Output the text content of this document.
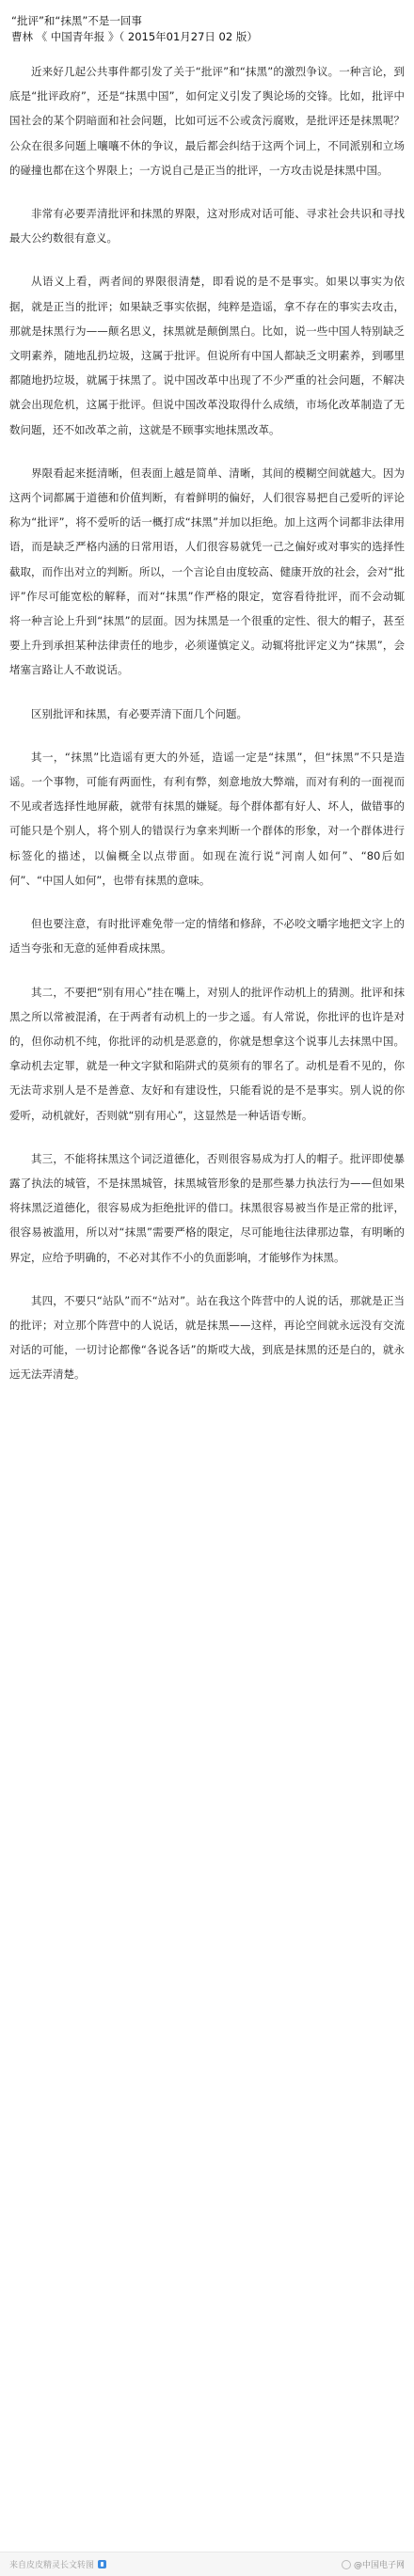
“批评”和“抹黑”不是一回事
曹林 《 中国青年报 》（ 2015年01月27日 02 版）

近来好几起公共事件都引发了关于“批评”和“抹黑”的激烈争议。一种言论，到底是“批评政府”，还是“抹黑中国”，如何定义引发了舆论场的交锋。比如，批评中国社会的某个阴暗面和社会问题，比如可远不公或贪污腐败，是批评还是抹黑呢？公众在很多问题上嚷嚷不休的争议，最后都会纠结于这两个词上，不同派别和立场的碰撞也都在这个界限上；一方说自己是正当的批评，一方攻击说是抹黑中国。

非常有必要弄清批评和抹黑的界限，这对形成对话可能、寻求社会共识和寻找最大公约数很有意义。

从语义上看，两者间的界限很清楚，即看说的是不是事实。如果以事实为依据，就是正当的批评；如果缺乏事实依据，纯粹是造谣，拿不存在的事实去攻击，那就是抹黑行为——颠名思义，抹黑就是颠倒黑白。比如，说一些中国人特别缺乏文明素养，随地乱扔垃圾，这属于批评。但说所有中国人都缺乏文明素养，到哪里都随地扔垃圾，就属于抹黑了。说中国改革中出现了不少严重的社会问题，不解决就会出现危机，这属于批评。但说中国改革没取得什么成绩，市场化改革制造了无数问题，还不如改革之前，这就是不顾事实地抹黑改革。

界限看起来挺清晰，但表面上越是简单、清晰，其间的模糊空间就越大。因为这两个词都属于道德和价值判断，有着鲜明的偏好，人们很容易把自己爱听的评论称为“批评”，将不爱听的话一概打成“抹黑”并加以拒绝。加上这两个词都非法律用语，而是缺乏严格内涵的日常用语，人们很容易就凭一己之偏好或对事实的选择性截取，而作出对立的判断。所以，一个言论自由度较高、健康开放的社会，会对“批评”作尽可能宽松的解释，而对“抹黑”作严格的限定，宽容看待批评，而不会动辄将一种言论上升到“抹黑”的层面。因为抹黑是一个很重的定性、很大的帽子，甚至要上升到承担某种法律责任的地步，必须谨慎定义。动辄将批评定义为“抹黑”，会堵塞言路让人不敢说话。

区别批评和抹黑，有必要弄清下面几个问题。

其一，“抹黑”比造谣有更大的外延，造谣一定是“抹黑”，但“抹黑”不只是造谣。一个事物，可能有两面性，有利有弊，刻意地放大弊端，而对有利的一面视而不见或者选择性地屏蔽，就带有抹黑的嫌疑。每个群体都有好人、坏人，做错事的可能只是个别人，将个别人的错误行为拿来判断一个群体的形象，对一个群体进行标签化的描述，以偏概全以点带面。如现在流行说“河南人如何”、“80后如何”、“中国人如何”，也带有抹黑的意味。

但也要注意，有时批评难免带一定的情绪和修辞，不必咬文嚼字地把文字上的适当夸张和无意的延伸看成抹黑。

其二，不要把“别有用心”挂在嘴上，对别人的批评作动机上的猜测。批评和抹黑之所以常被混淆，在于两者有动机上的一步之遥。有人常说，你批评的也许是对的，但你动机不纯，你批评的动机是恶意的，你就是想拿这个说事儿去抹黑中国。拿动机去定罪，就是一种文字狱和陷阱式的莫须有的罪名了。动机是看不见的，你无法苛求别人是不是善意、友好和有建设性，只能看说的是不是事实。别人说的你爱听，动机就好，否则就“别有用心”，这显然是一种话语专断。

其三，不能将抹黑这个词泛道德化，否则很容易成为打人的帽子。批评即使暴露了执法的城管，不是抹黑城管，抹黑城管形象的是那些暴力执法行为——但如果将抹黑泛道德化，很容易成为拒绝批评的借口。抹黑很容易被当作是正常的批评，很容易被滥用，所以对“抹黑”需要严格的限定，尽可能地往法律那边靠，有明晰的界定，应给予明确的，不必对其作不小的负面影响，才能够作为抹黑。

其四，不要只“站队”而不“站对”。站在我这个阵营中的人说的话，那就是正当的批评；对立那个阵营中的人说话，就是抹黑——这样，再论空间就永远没有交流对话的可能，一切讨论都像“各说各话”的斯哎大战，到底是抹黑的还是白的，就永远无法弄清楚。

来自皮皮精灵长文转图	@中国电子网
